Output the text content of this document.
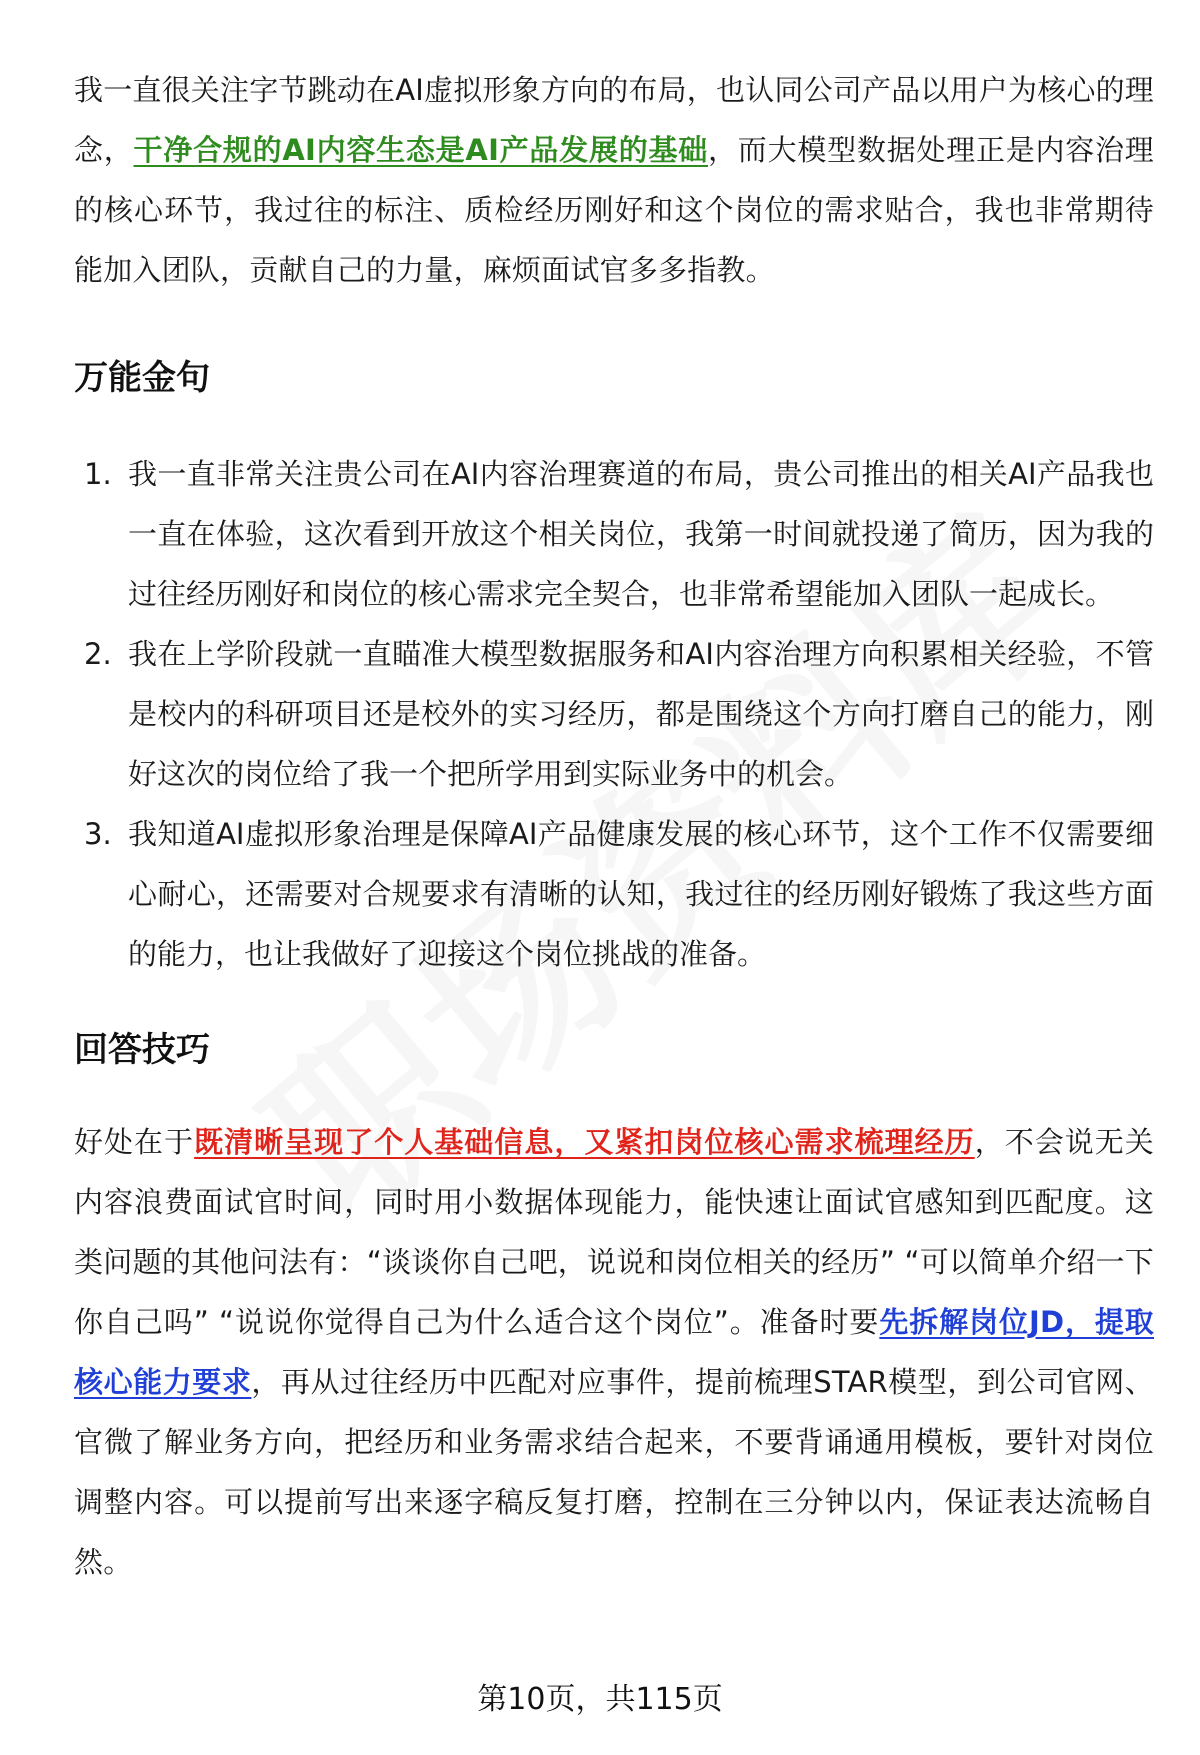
我一直很关注字节跳动在AI虚拟形象方向的布局，也认同公司产品以用户为核心的理念，干净合规的AI内容生态是AI产品发展的基础，而大模型数据处理正是内容治理的核心环节，我过往的标注、质检经历刚好和这个岗位的需求贴合，我也非常期待能加入团队，贡献自己的力量，麻烦面试官多多指教。

万能金句
1. 我一直非常关注贵公司在AI内容治理赛道的布局，贵公司推出的相关AI产品我也一直在体验，这次看到开放这个相关岗位，我第一时间就投递了简历，因为我的过往经历刚好和岗位的核心需求完全契合，也非常希望能加入团队一起成长。
2. 我在上学阶段就一直瞄准大模型数据服务和AI内容治理方向积累相关经验，不管是校内的科研项目还是校外的实习经历，都是围绕这个方向打磨自己的能力，刚好这次的岗位给了我一个把所学用到实际业务中的机会。
3. 我知道AI虚拟形象治理是保障AI产品健康发展的核心环节，这个工作不仅需要细心耐心，还需要对合规要求有清晰的认知，我过往的经历刚好锻炼了我这些方面的能力，也让我做好了迎接这个岗位挑战的准备。
回答技巧

好处在于既清晰呈现了个人基础信息，又紧扣岗位核心需求梳理经历，不会说无关内容浪费面试官时间，同时用小数据体现能力，能快速让面试官感知到匹配度。这类问题的其他问法有：“谈谈你自己吧，说说和岗位相关的经历” “可以简单介绍一下你自己吗” “说说你觉得自己为什么适合这个岗位”。准备时要先拆解岗位JD，提取核心能力要求，再从过往经历中匹配对应事件，提前梳理STAR模型，到公司官网、官微了解业务方向，把经历和业务需求结合起来，不要背诵通用模板，要针对岗位调整内容。可以提前写出来逐字稿反复打磨，控制在三分钟以内，保证表达流畅自然。

第10页，共115页
